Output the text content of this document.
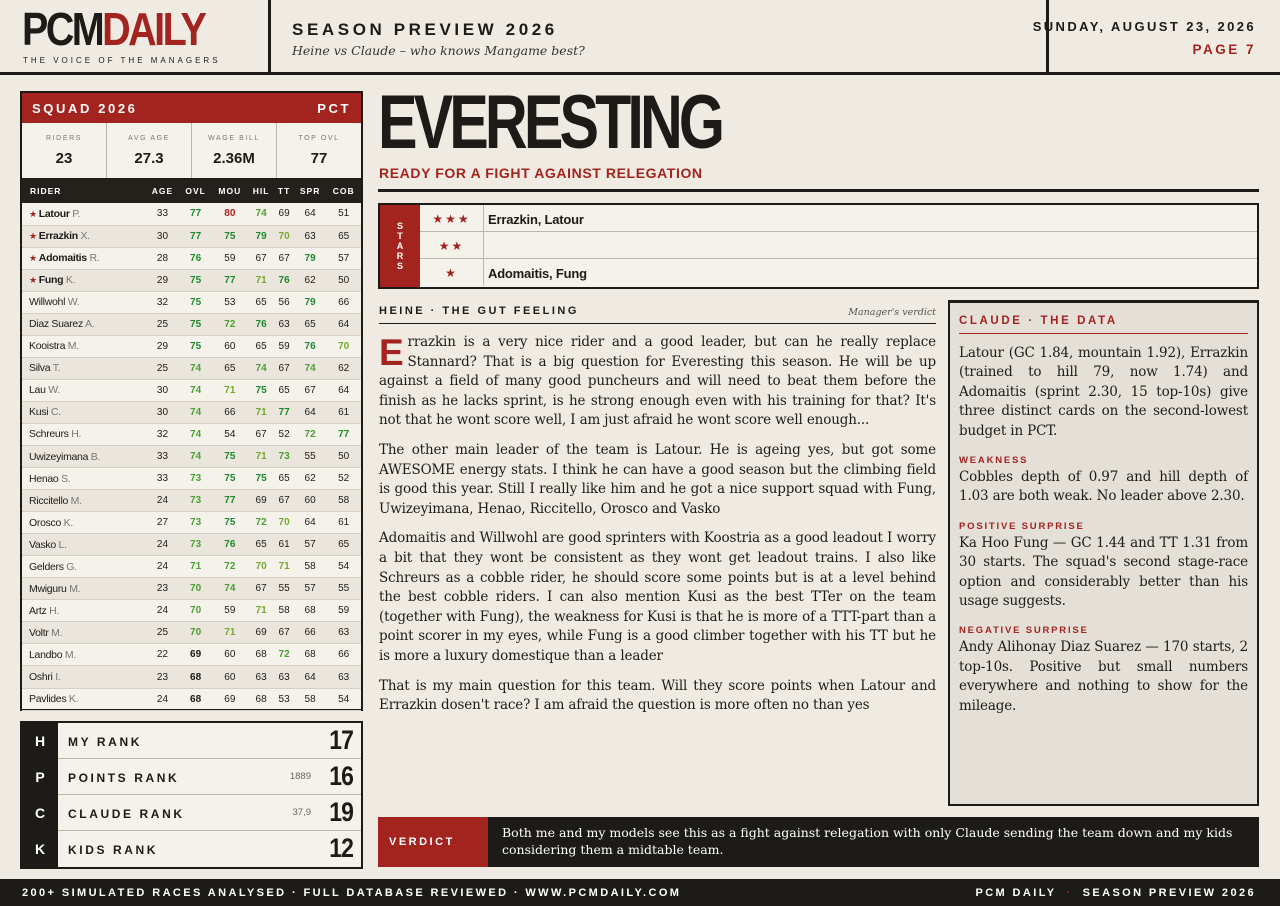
PCMDAILY
THE VOICE OF THE MANAGERS
SEASON PREVIEW 2026
Heine vs Claude – who knows Mangame best?
SUNDAY, AUGUST 23, 2026
PAGE 7
SQUAD 2026	PCT
RIDERS
23
AVG AGE
27.3
WAGE BILL
2.36M
TOP OVL
77
RIDER	AGE	OVL	MOU	HIL	TT	SPR	COB
★ Latour P.	33	77	80	74	69	64	51
★ Errazkin X.	30	77	75	79	70	63	65
★ Adomaitis R.	28	76	59	67	67	79	57
★ Fung K.	29	75	77	71	76	62	50
Willwohl W.	32	75	53	65	56	79	66
Diaz Suarez A.	25	75	72	76	63	65	64
Kooistra M.	29	75	60	65	59	76	70
Silva T.	25	74	65	74	67	74	62
Lau W.	30	74	71	75	65	67	64
Kusi C.	30	74	66	71	77	64	61
Schreurs H.	32	74	54	67	52	72	77
Uwizeyimana B.	33	74	75	71	73	55	50
Henao S.	33	73	75	75	65	62	52
Riccitello M.	24	73	77	69	67	60	58
Orosco K.	27	73	75	72	70	64	61
Vasko L.	24	73	76	65	61	57	65
Gelders G.	24	71	72	70	71	58	54
Mwiguru M.	23	70	74	67	55	57	55
Artz H.	24	70	59	71	58	68	59
Voltr M.	25	70	71	69	67	66	63
Landbo M.	22	69	60	68	72	68	66
Oshri I.	23	68	60	63	63	64	63
Pavlides K.	24	68	69	68	53	58	54
H	MY RANK	17
P	POINTS RANK	1889 16
C	CLAUDE RANK	37,9 19
K	KIDS RANK	12
EVERESTING
READY FOR A FIGHT AGAINST RELEGATION
S
T
A
R
S
★★★	Errazkin, Latour
★★
★	Adomaitis, Fung
HEINE · THE GUT FEELING	Manager's verdict

Errazkin is a very nice rider and a good leader, but can he really replace Stannard? That is a big question for Everesting this season. He will be up against a field of many good puncheurs and will need to beat them before the finish as he lacks sprint, is he strong enough even with his training for that? It's not that he wont score well, I am just afraid he wont score well enough...

The other main leader of the team is Latour. He is ageing yes, but got some AWESOME energy stats. I think he can have a good season but the climbing field is good this year. Still I really like him and he got a nice support squad with Fung, Uwizeyimana, Henao, Riccitello, Orosco and Vasko

Adomaitis and Willwohl are good sprinters with Koostria as a good leadout I worry a bit that they wont be consistent as they wont get leadout trains. I also like Schreurs as a cobble rider, he should score some points but is at a level behind the best cobble riders. I can also mention Kusi as the best TTer on the team (together with Fung), the weakness for Kusi is that he is more of a TTT-part than a point scorer in my eyes, while Fung is a good climber together with his TT but he is more a luxury domestique than a leader

That is my main question for this team. Will they score points when Latour and Errazkin dosen't race? I am afraid the question is more often no than yes

CLAUDE · THE DATA

Latour (GC 1.84, mountain 1.92), Errazkin (trained to hill 79, now 1.74) and Adomaitis (sprint 2.30, 15 top-10s) give three distinct cards on the second-lowest budget in PCT.

WEAKNESS

Cobbles depth of 0.97 and hill depth of 1.03 are both weak. No leader above 2.30.

POSITIVE SURPRISE

Ka Hoo Fung — GC 1.44 and TT 1.31 from 30 starts. The squad's second stage-race option and considerably better than his usage suggests.

NEGATIVE SURPRISE

Andy Alihonay Diaz Suarez — 170 starts, 2 top-10s. Positive but small numbers everywhere and nothing to show for the mileage.

VERDICT
Both me and my models see this as a fight against relegation with only Claude sending the team down and my kids considering them a midtable team.
200+ SIMULATED RACES ANALYSED · FULL DATABASE REVIEWED · WWW.PCMDAILY.COM	PCM DAILY · SEASON PREVIEW 2026
